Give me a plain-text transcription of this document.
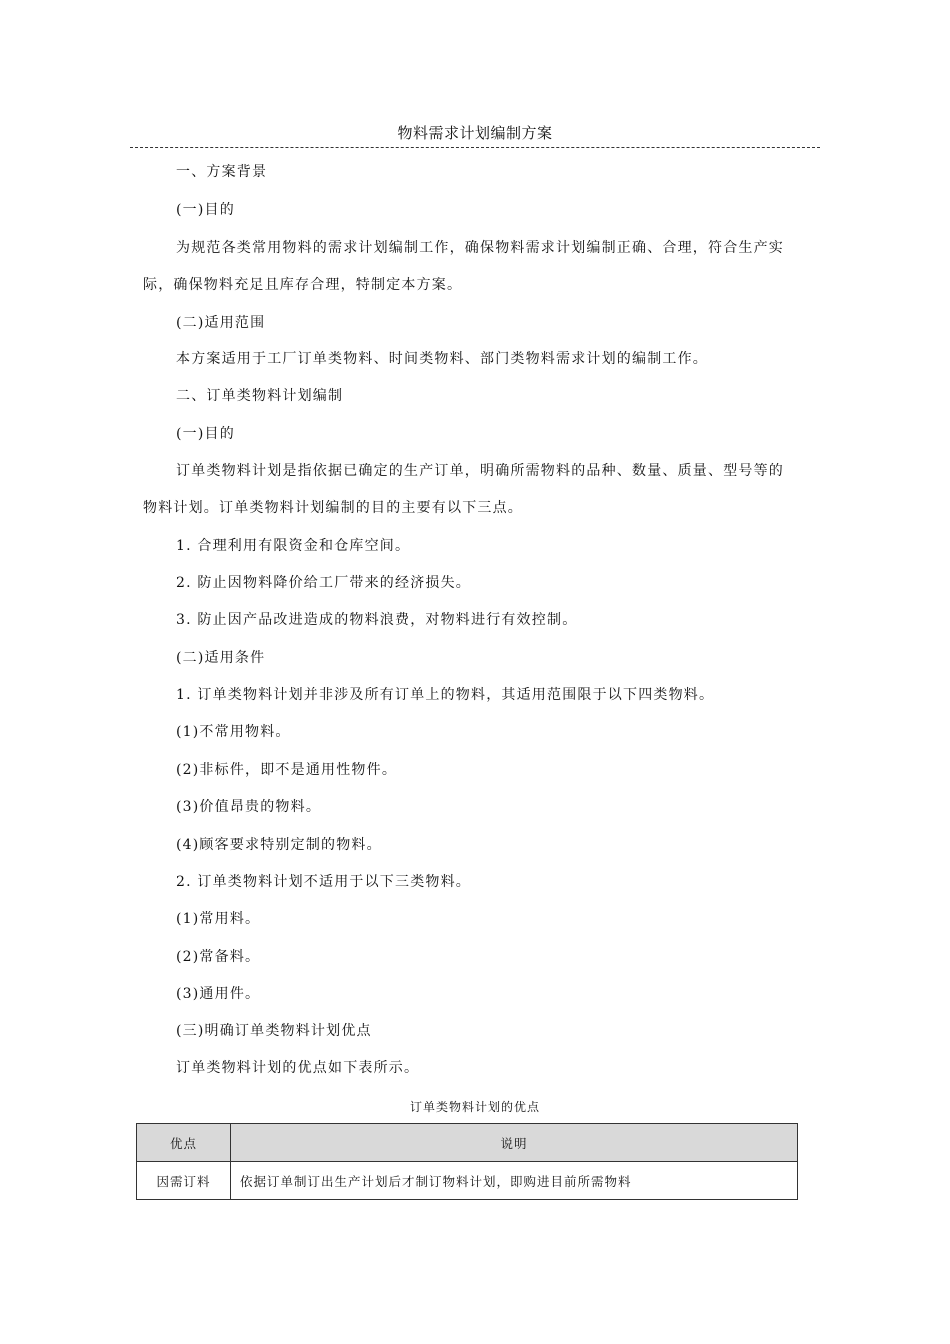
物料需求计划编制方案
一、方案背景
(一)目的
为规范各类常用物料的需求计划编制工作，确保物料需求计划编制正确、合理，符合生产实
际，确保物料充足且库存合理，特制定本方案。
(二)适用范围
本方案适用于工厂订单类物料、时间类物料、部门类物料需求计划的编制工作。
二、订单类物料计划编制
(一)目的
订单类物料计划是指依据已确定的生产订单，明确所需物料的品种、数量、质量、型号等的
物料计划。订单类物料计划编制的目的主要有以下三点。
1. 合理利用有限资金和仓库空间。
2. 防止因物料降价给工厂带来的经济损失。
3. 防止因产品改进造成的物料浪费，对物料进行有效控制。
(二)适用条件
1. 订单类物料计划并非涉及所有订单上的物料，其适用范围限于以下四类物料。
(1)不常用物料。
(2)非标件，即不是通用性物件。
(3)价值昂贵的物料。
(4)顾客要求特别定制的物料。
2. 订单类物料计划不适用于以下三类物料。
(1)常用料。
(2)常备料。
(3)通用件。
(三)明确订单类物料计划优点
订单类物料计划的优点如下表所示。
订单类物料计划的优点
优点	说明
因需订料	依据订单制订出生产计划后才制订物料计划，即购进目前所需物料
